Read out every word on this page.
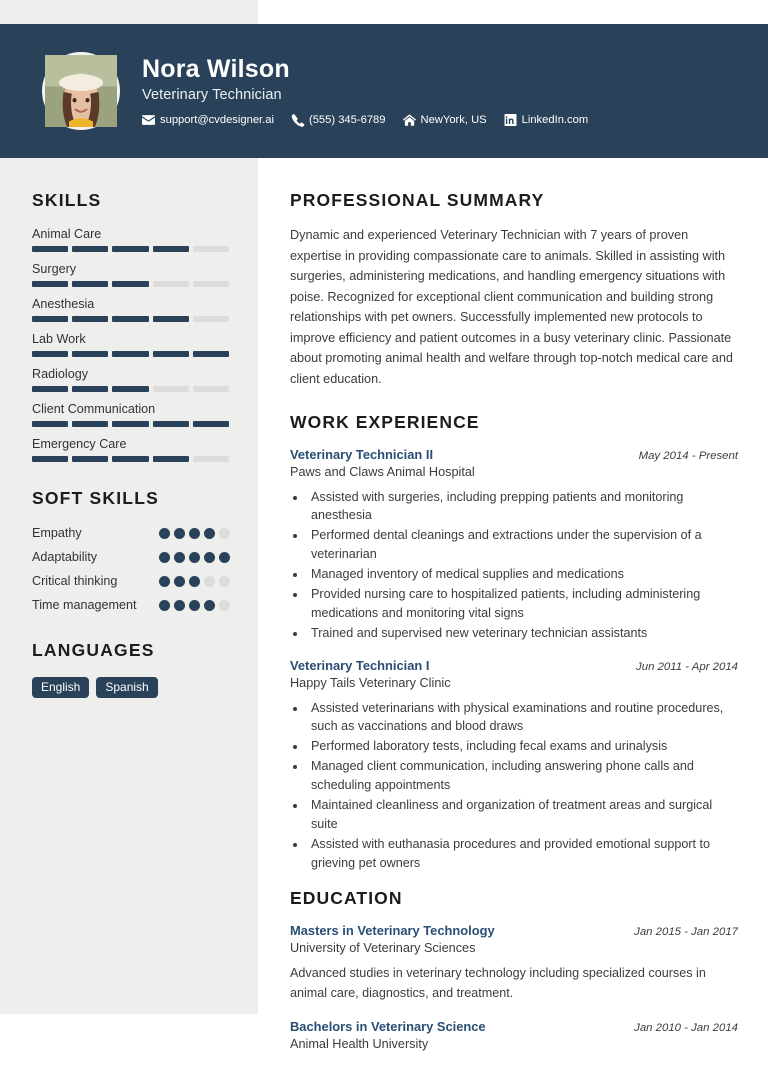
Nora Wilson
Veterinary Technician
support@cvdesigner.ai	(555) 345-6789	NewYork, US	LinkedIn.com
SKILLS
Animal Care
Surgery
Anesthesia
Lab Work
Radiology
Client Communication
Emergency Care
SOFT SKILLS
Empathy
Adaptability
Critical thinking
Time management
LANGUAGES
English	Spanish
PROFESSIONAL SUMMARY
Dynamic and experienced Veterinary Technician with 7 years of proven expertise in providing compassionate care to animals. Skilled in assisting with surgeries, administering medications, and handling emergency situations with poise. Recognized for exceptional client communication and building strong relationships with pet owners. Successfully implemented new protocols to improve efficiency and patient outcomes in a busy veterinary clinic. Passionate about promoting animal health and welfare through top-notch medical care and client education.
WORK EXPERIENCE
Veterinary Technician II	May 2014 - Present
Paws and Claws Animal Hospital
• Assisted with surgeries, including prepping patients and monitoring anesthesia
• Performed dental cleanings and extractions under the supervision of a veterinarian
• Managed inventory of medical supplies and medications
• Provided nursing care to hospitalized patients, including administering medications and monitoring vital signs
• Trained and supervised new veterinary technician assistants
Veterinary Technician I	Jun 2011 - Apr 2014
Happy Tails Veterinary Clinic
• Assisted veterinarians with physical examinations and routine procedures, such as vaccinations and blood draws
• Performed laboratory tests, including fecal exams and urinalysis
• Managed client communication, including answering phone calls and scheduling appointments
• Maintained cleanliness and organization of treatment areas and surgical suite
• Assisted with euthanasia procedures and provided emotional support to grieving pet owners
EDUCATION
Masters in Veterinary Technology	Jan 2015 - Jan 2017
University of Veterinary Sciences
Advanced studies in veterinary technology including specialized courses in animal care, diagnostics, and treatment.
Bachelors in Veterinary Science	Jan 2010 - Jan 2014
Animal Health University
